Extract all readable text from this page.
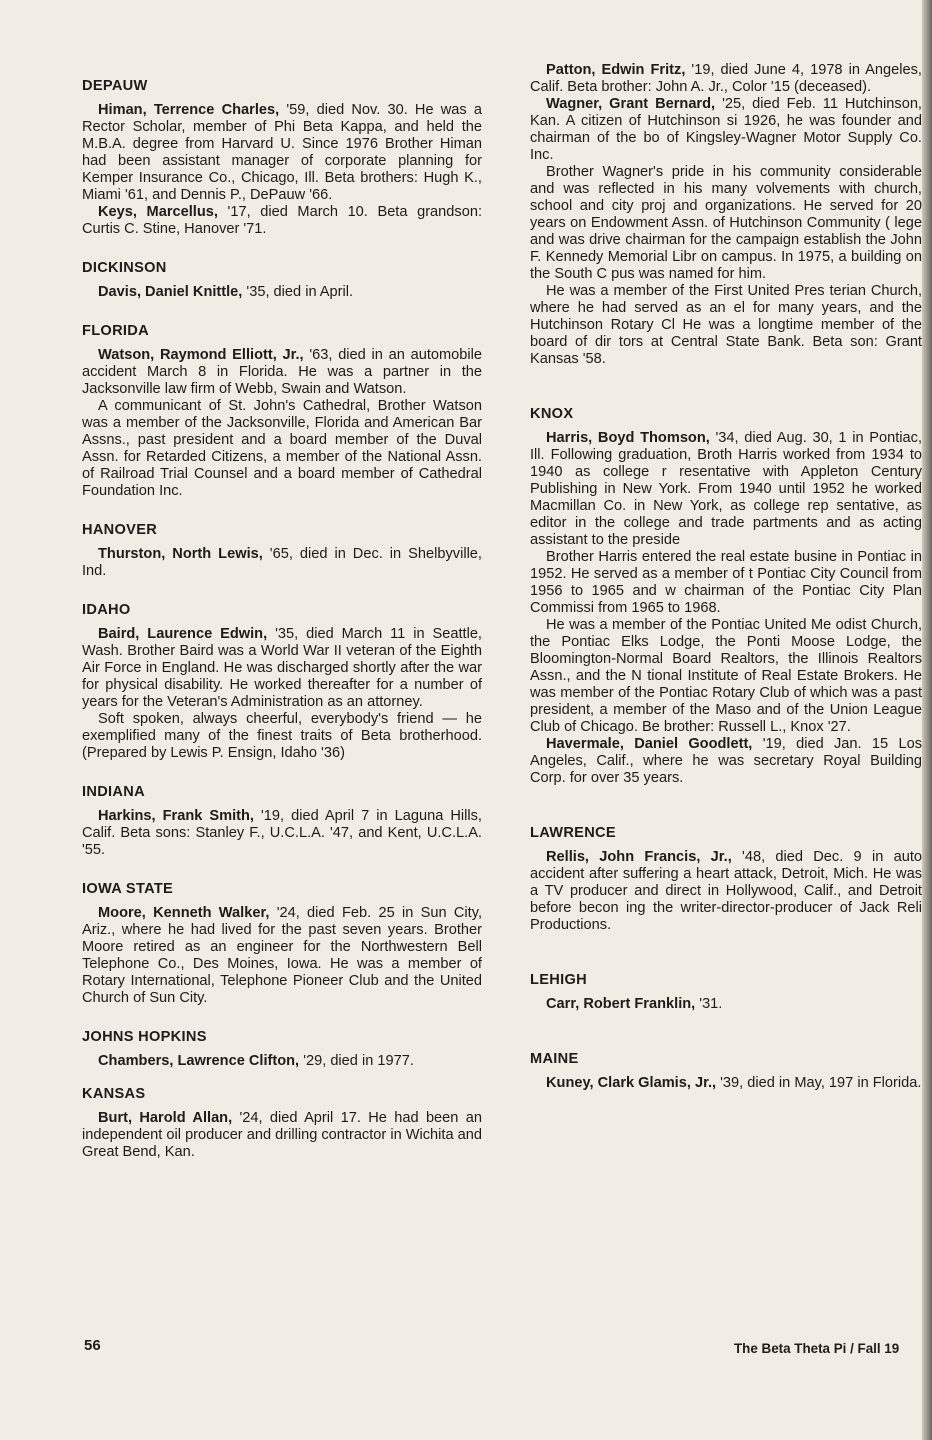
DEPAUW

Himan, Terrence Charles, '59, died Nov. 30. He was a Rector Scholar, member of Phi Beta Kappa, and held the M.B.A. degree from Harvard U. Since 1976 Brother Himan had been assistant manager of corporate planning for Kemper Insurance Co., Chicago, Ill. Beta brothers: Hugh K., Miami '61, and Dennis P., DePauw '66.

Keys, Marcellus, '17, died March 10. Beta grandson: Curtis C. Stine, Hanover '71.

DICKINSON

Davis, Daniel Knittle, '35, died in April.

FLORIDA

Watson, Raymond Elliott, Jr., '63, died in an automobile accident March 8 in Florida. He was a partner in the Jacksonville law firm of Webb, Swain and Watson.

A communicant of St. John's Cathedral, Brother Watson was a member of the Jacksonville, Florida and American Bar Assns., past president and a board member of the Duval Assn. for Retarded Citizens, a member of the National Assn. of Railroad Trial Counsel and a board member of Cathedral Foundation Inc.

HANOVER

Thurston, North Lewis, '65, died in Dec. in Shelbyville, Ind.

IDAHO

Baird, Laurence Edwin, '35, died March 11 in Seattle, Wash. Brother Baird was a World War II veteran of the Eighth Air Force in England. He was discharged shortly after the war for physical disability. He worked thereafter for a number of years for the Veteran's Administration as an attorney.

Soft spoken, always cheerful, everybody's friend — he exemplified many of the finest traits of Beta brotherhood. (Prepared by Lewis P. Ensign, Idaho '36)

INDIANA

Harkins, Frank Smith, '19, died April 7 in Laguna Hills, Calif. Beta sons: Stanley F., U.C.L.A. '47, and Kent, U.C.L.A. '55.

IOWA STATE

Moore, Kenneth Walker, '24, died Feb. 25 in Sun City, Ariz., where he had lived for the past seven years. Brother Moore retired as an engineer for the Northwestern Bell Telephone Co., Des Moines, Iowa. He was a member of Rotary International, Telephone Pioneer Club and the United Church of Sun City.

JOHNS HOPKINS

Chambers, Lawrence Clifton, '29, died in 1977.

KANSAS

Burt, Harold Allan, '24, died April 17. He had been an independent oil producer and drilling contractor in Wichita and Great Bend, Kan.

Patton, Edwin Fritz, '19, died June 4, 1978 in Angeles, Calif. Beta brother: John A. Jr., Color '15 (deceased).

Wagner, Grant Bernard, '25, died Feb. 11 Hutchinson, Kan. A citizen of Hutchinson si 1926, he was founder and chairman of the bo of Kingsley-Wagner Motor Supply Co. Inc.

Brother Wagner's pride in his community considerable and was reflected in his many volvements with church, school and city proj and organizations. He served for 20 years on Endowment Assn. of Hutchinson Community ( lege and was drive chairman for the campaign establish the John F. Kennedy Memorial Libr on campus. In 1975, a building on the South C pus was named for him.

He was a member of the First United Pres terian Church, where he had served as an el for many years, and the Hutchinson Rotary Cl He was a longtime member of the board of dir tors at Central State Bank. Beta son: Grant Kansas '58.

KNOX

Harris, Boyd Thomson, '34, died Aug. 30, 1 in Pontiac, Ill. Following graduation, Broth Harris worked from 1934 to 1940 as college r resentative with Appleton Century Publishing in New York. From 1940 until 1952 he worked Macmillan Co. in New York, as college rep sentative, as editor in the college and trade partments and as acting assistant to the preside

Brother Harris entered the real estate busine in Pontiac in 1952. He served as a member of t Pontiac City Council from 1956 to 1965 and w chairman of the Pontiac City Plan Commissi from 1965 to 1968.

He was a member of the Pontiac United Me odist Church, the Pontiac Elks Lodge, the Ponti Moose Lodge, the Bloomington-Normal Board Realtors, the Illinois Realtors Assn., and the N tional Institute of Real Estate Brokers. He was member of the Pontiac Rotary Club of which was a past president, a member of the Maso and of the Union League Club of Chicago. Be brother: Russell L., Knox '27.

Havermale, Daniel Goodlett, '19, died Jan. 15 Los Angeles, Calif., where he was secretary Royal Building Corp. for over 35 years.

LAWRENCE

Rellis, John Francis, Jr., '48, died Dec. 9 in auto accident after suffering a heart attack, Detroit, Mich. He was a TV producer and direct in Hollywood, Calif., and Detroit before becon ing the writer-director-producer of Jack Reli Productions.

LEHIGH

Carr, Robert Franklin, '31.

MAINE

Kuney, Clark Glamis, Jr., '39, died in May, 197 in Florida.

56	The Beta Theta Pi / Fall 19
